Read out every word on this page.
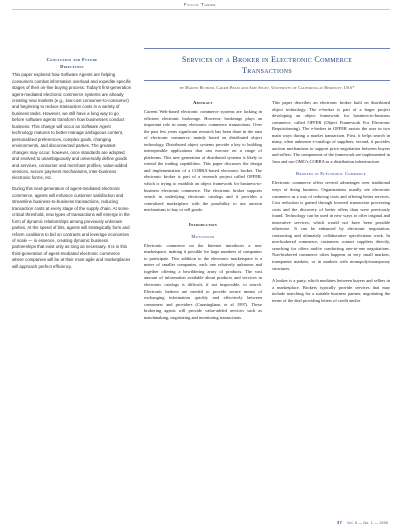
Focus Theme
Conclusion and Future
Directions

This paper explored how Software Agents are helping consumers combat information overload and expedite specific stages of their on-line buying process. Today's first-generation agent-mediated electronic commerce systems are already creating new markets (e.g., low-cost consumer-to-consumer) and beginning to reduce transaction costs in a variety of business tasks. However, we still have a long way to go before software agents transform how businesses conduct business. This change will occur as Software Agent technology matures to better manage ambiguous content, personalized preferences, complex goals, changing environments, and disconnected parties. The greatest changes may occur, however, once standards are adopted and evolved to unambiguously and universally define goods and services, consumer and merchant profiles, value-added services, secure payment mechanisms, inter-business electronic forms, etc.

During this next-generation of agent-mediated electronic commerce, agents will enhance customer satisfaction and streamline business-to-business transactions, reducing transaction costs at every stage of the supply chain. At some critical threshold, new types of transactions will emerge in the form of dynamic relationships among previously unknown parties. At the speed of bits, agents will strategically form and reform coalitions to bid on contracts and leverage economies of scale — in essence, creating dynamic business partnerships that exist only as long as necessary. It is in this third-generation of agent-mediated electronic commerce where companies will be at their most agile and marketplaces will approach perfect efficiency.

Services of a Broker in Electronic Commerce
Transactions
by Martin Bichler, Carrie Beam and Arie Segev, University of California at Berkeley, USA*
Abstract

Current Web-based electronic commerce systems are lacking in efficient electronic brokerage. However, brokerage plays an important role in many electronic commerce transactions. Over the past few years significant research has been done in the area of electronic commerce, mainly based on distributed object technology. Distributed object systems provide a key to building interoperable applications that can execute on a range of platforms. This new generation of distributed systems is likely to extend the trading capabilities. This paper discusses the design and implementation of a CORBA-based electronic broker. The electronic broker is part of a research project called OFFER, which is trying to establish an object framework for business-to-business electronic commerce. The electronic broker supports search in underlying electronic catalogs and it provides a centralized marketplace with the possibility to use auction mechanisms to buy or sell goods.

Introduction
Motivation

Electronic commerce on the Internet introduces a new marketspace, making it possible for large numbers of companies to participate. This addition to the electronic marketspace is a meter of smaller companies, each one relatively unknown and together offering a bewildering array of products. The vast amount of information available about products and services in electronic catalogs is difficult, if not impossible, to search. Electronic brokers are needed to provide secure means of exchanging information quickly and effectively between consumers and providers (Cunningham, et al 1997). These brokering agents will provide value-added services such as matchmaking, negotiating and monitoring transactions.

This paper describes an electronic broker built on distributed object technology. The e-broker is part of a larger project developing an object framework for business-to-business commerce, called OFFER (Object Framework For Electronic Requisitioning). The e-broker in OFFER assists the user in two main ways during a market transaction. First, it helps search in many, often unknown e-catalogs of suppliers; second, it provides auction mechanisms to support price negotiation between buyers and sellers. The components of the framework are implemented in Java and use OMG's CORBA as a distribution infrastructure.

Brokers in Electronic Commerce

Electronic commerce offers several advantages over traditional ways of doing business. Organizations usually see electronic commerce as a way of reducing costs and offering better services. Cost reduction is gained through lowered transaction processing costs and the discovery of better offers than were previously found. Technology can be used in new ways to offer original and innovative services, which would not have been possible otherwise. It can be enhanced by electronic negotiation, contracting and ultimately collaborative specification work. In non-brokered commerce, customers contact suppliers directly, searching for offers and/or conducting one-to-one negotiations. Non-brokered commerce often happens in very small markets, transparent markets, or in markets with monopoly/monopsony structures.

A broker is a party, which mediates between buyers and sellers in a marketplace. Brokers typically provide services that may include searching for a suitable business partner, negotiating the terms of the deal providing letters of credit and/or

37 Vol. 8 — No. 1 — 1998
